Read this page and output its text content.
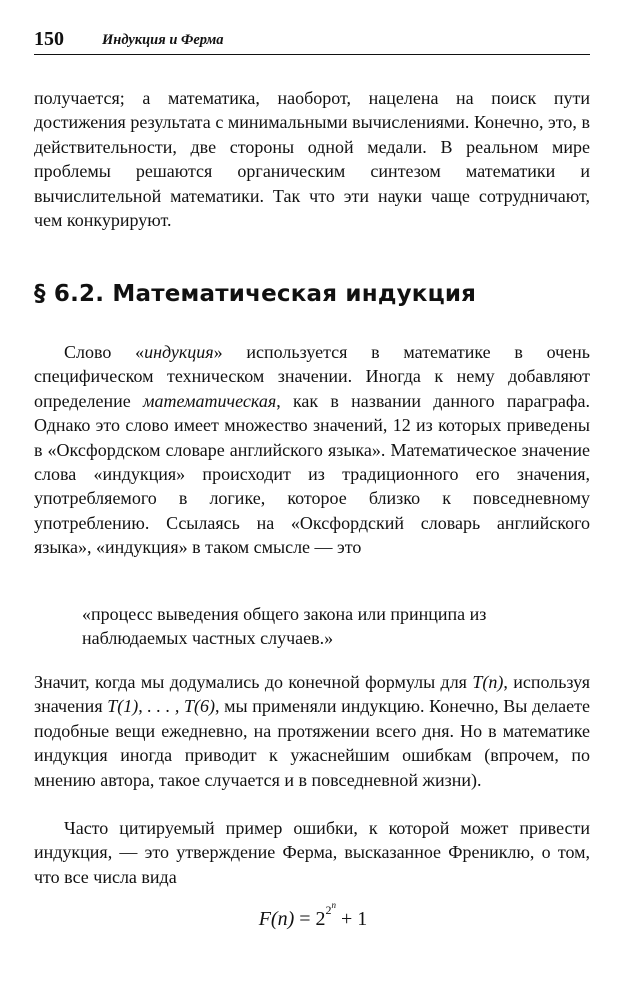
150	Индукция и Ферма

получается; а математика, наоборот, нацелена на поиск пути достижения результата с минимальными вычислениями. Конечно, это, в действительности, две стороны одной медали. В реальном мире проблемы решаются органическим синтезом математики и вычислительной математики. Так что эти науки чаще сотрудничают, чем конкурируют.

§ 6.2. Математическая индукция

Слово «индукция» используется в математике в очень специфическом техническом значении. Иногда к нему добавляют определение математическая, как в названии данного параграфа. Однако это слово имеет множество значений, 12 из которых приведены в «Оксфордском словаре английского языка». Математическое значение слова «индукция» происходит из традиционного его значения, употребляемого в логике, которое близко к повседневному употреблению. Ссылаясь на «Оксфордский словарь английского языка», «индукция» в таком смысле — это

«процесс выведения общего закона или принципа из наблюдаемых частных случаев.»

Значит, когда мы додумались до конечной формулы для T(n), используя значения T(1), . . . , T(6), мы применяли индукцию. Конечно, Вы делаете подобные вещи ежедневно, на протяжении всего дня. Но в математике индукция иногда приводит к ужаснейшим ошибкам (впрочем, по мнению автора, такое случается и в повседневной жизни).

Часто цитируемый пример ошибки, к которой может привести индукция, — это утверждение Ферма, высказанное Френиклю, о том, что все числа вида

$F(n) = 2^{2^n} + 1$
